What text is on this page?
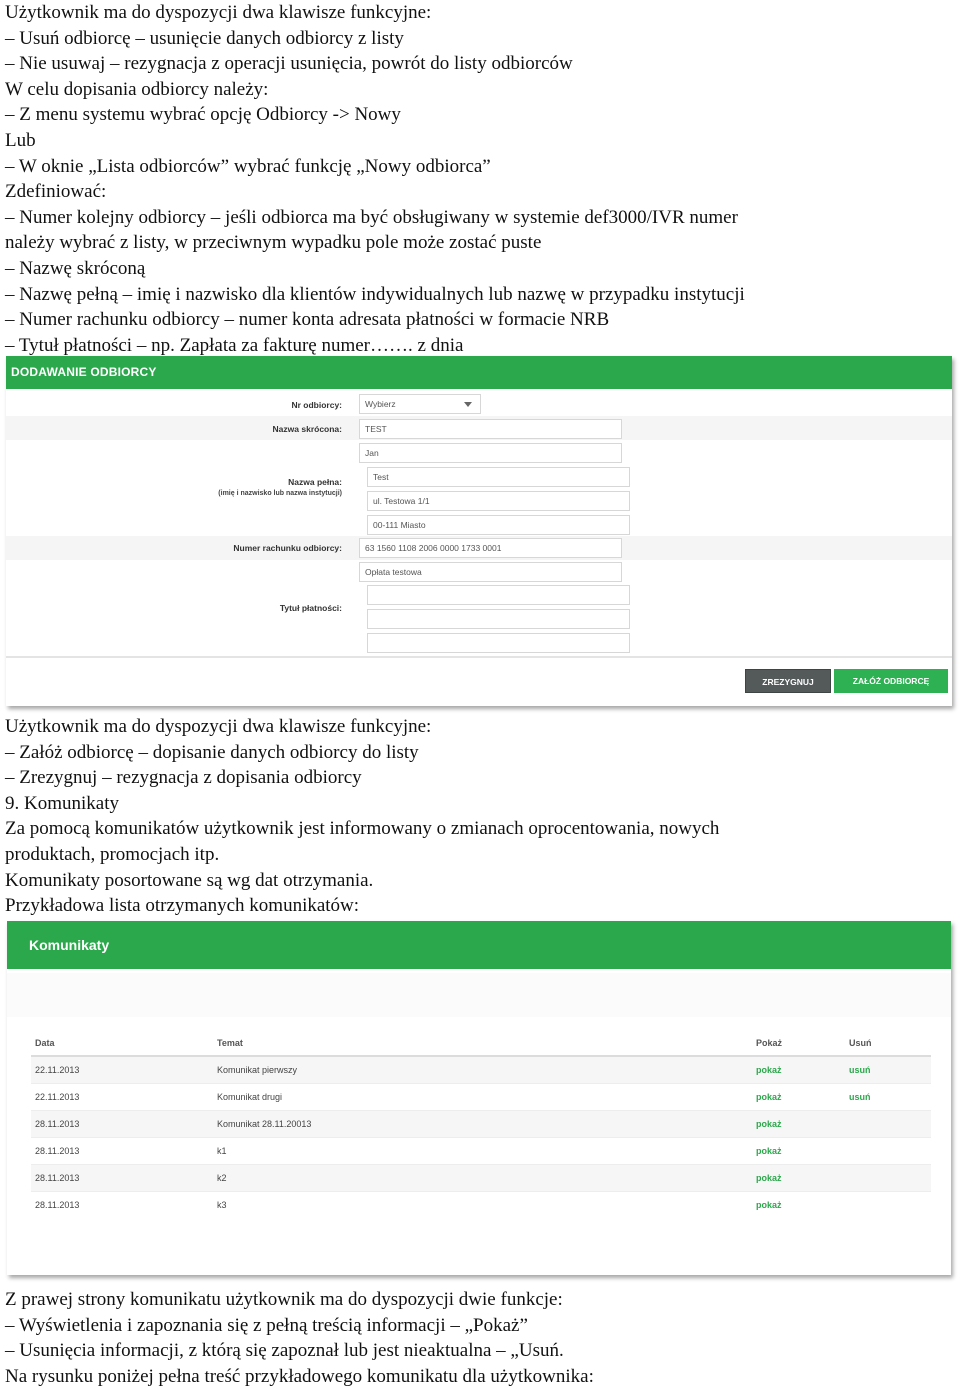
Użytkownik ma do dyspozycji dwa klawisze funkcyjne:

– Usuń odbiorcę – usunięcie danych odbiorcy z listy

– Nie usuwaj – rezygnacja z operacji usunięcia, powrót do listy odbiorców

W celu dopisania odbiorcy należy:

– Z menu systemu wybrać opcję Odbiorcy -> Nowy

Lub

– W oknie „Lista odbiorców” wybrać funkcję „Nowy odbiorca”

Zdefiniować:

– Numer kolejny odbiorcy – jeśli odbiorca ma być obsługiwany w systemie def3000/IVR numer

należy wybrać z listy, w przeciwnym wypadku pole może zostać puste

– Nazwę skróconą

– Nazwę pełną – imię i nazwisko dla klientów indywidualnych lub nazwę w przypadku instytucji

– Numer rachunku odbiorcy – numer konta adresata płatności w formacie NRB

– Tytuł płatności – np. Zapłata za fakturę numer……. z dnia

DODAWANIE ODBIORCY
Nr odbiorcy:	Wybierz
Nazwa skrócona:	TEST
Jan
Nazwa pełna:
(imię i nazwisko lub nazwa instytucji)
Test
ul. Testowa 1/1
00-111 Miasto
Numer rachunku odbiorcy:	63 1560 1108 2006 0000 1733 0001
Opłata testowa
Tytuł płatności:
ZREZYGNUJ	ZAŁÓŻ ODBIORCĘ

Użytkownik ma do dyspozycji dwa klawisze funkcyjne:

– Załóż odbiorcę – dopisanie danych odbiorcy do listy

– Zrezygnuj – rezygnacja z dopisania odbiorcy

9. Komunikaty

Za pomocą komunikatów użytkownik jest informowany o zmianach oprocentowania, nowych

produktach, promocjach itp.

Komunikaty posortowane są wg dat otrzymania.

Przykładowa lista otrzymanych komunikatów:

Komunikaty
Data	Temat	Pokaż	Usuń
22.11.2013	Komunikat pierwszy	pokaż	usuń
22.11.2013	Komunikat drugi	pokaż	usuń
28.11.2013	Komunikat 28.11.20013	pokaż	
28.11.2013	k1	pokaż	
28.11.2013	k2	pokaż	
28.11.2013	k3	pokaż	

Z prawej strony komunikatu użytkownik ma do dyspozycji dwie funkcje:

– Wyświetlenia i zapoznania się z pełną treścią informacji – „Pokaż”

– Usunięcia informacji, z którą się zapoznał lub jest nieaktualna – „Usuń.

Na rysunku poniżej pełna treść przykładowego komunikatu dla użytkownika:
